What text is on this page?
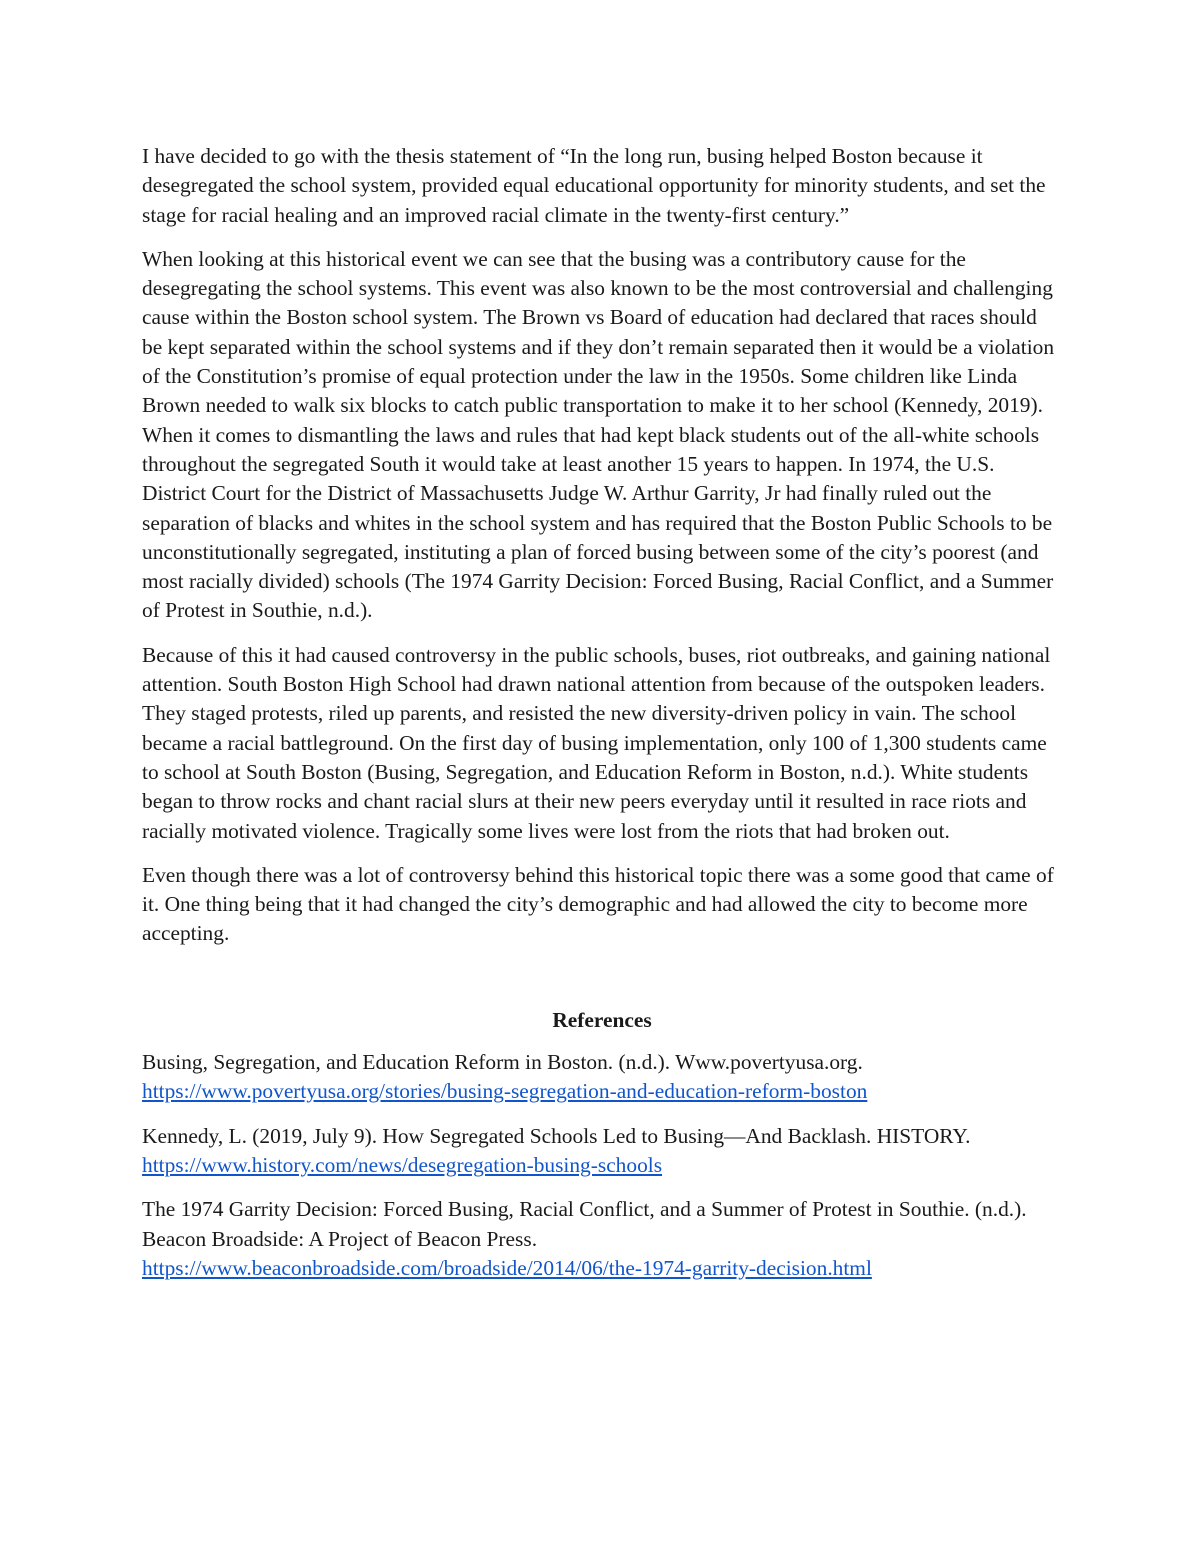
I have decided to go with the thesis statement of “In the long run, busing helped Boston because it desegregated the school system, provided equal educational opportunity for minority students, and set the stage for racial healing and an improved racial climate in the twenty-first century.”

When looking at this historical event we can see that the busing was a contributory cause for the desegregating the school systems. This event was also known to be the most controversial and challenging cause within the Boston school system. The Brown vs Board of education had declared that races should be kept separated within the school systems and if they don’t remain separated then it would be a violation of the Constitution’s promise of equal protection under the law in the 1950s. Some children like Linda Brown needed to walk six blocks to catch public transportation to make it to her school (Kennedy, 2019). When it comes to dismantling the laws and rules that had kept black students out of the all-white schools throughout the segregated South it would take at least another 15 years to happen. In 1974, the U.S. District Court for the District of Massachusetts Judge W. Arthur Garrity, Jr had finally ruled out the separation of blacks and whites in the school system and has required that the Boston Public Schools to be unconstitutionally segregated, instituting a plan of forced busing between some of the city’s poorest (and most racially divided) schools (The 1974 Garrity Decision: Forced Busing, Racial Conflict, and a Summer of Protest in Southie, n.d.).

Because of this it had caused controversy in the public schools, buses, riot outbreaks, and gaining national attention. South Boston High School had drawn national attention from because of the outspoken leaders. They staged protests, riled up parents, and resisted the new diversity-driven policy in vain. The school became a racial battleground. On the first day of busing implementation, only 100 of 1,300 students came to school at South Boston (Busing, Segregation, and Education Reform in Boston, n.d.). White students began to throw rocks and chant racial slurs at their new peers everyday until it resulted in race riots and racially motivated violence. Tragically some lives were lost from the riots that had broken out.

Even though there was a lot of controversy behind this historical topic there was a some good that came of it. One thing being that it had changed the city’s demographic and had allowed the city to become more accepting.

References
Busing, Segregation, and Education Reform in Boston. (n.d.). Www.povertyusa.org.
https://www.povertyusa.org/stories/busing-segregation-and-education-reform-boston
Kennedy, L. (2019, July 9). How Segregated Schools Led to Busing—And Backlash. HISTORY.
https://www.history.com/news/desegregation-busing-schools
The 1974 Garrity Decision: Forced Busing, Racial Conflict, and a Summer of Protest in Southie. (n.d.). Beacon Broadside: A Project of Beacon Press.
https://www.beaconbroadside.com/broadside/2014/06/the-1974-garrity-decision.html
